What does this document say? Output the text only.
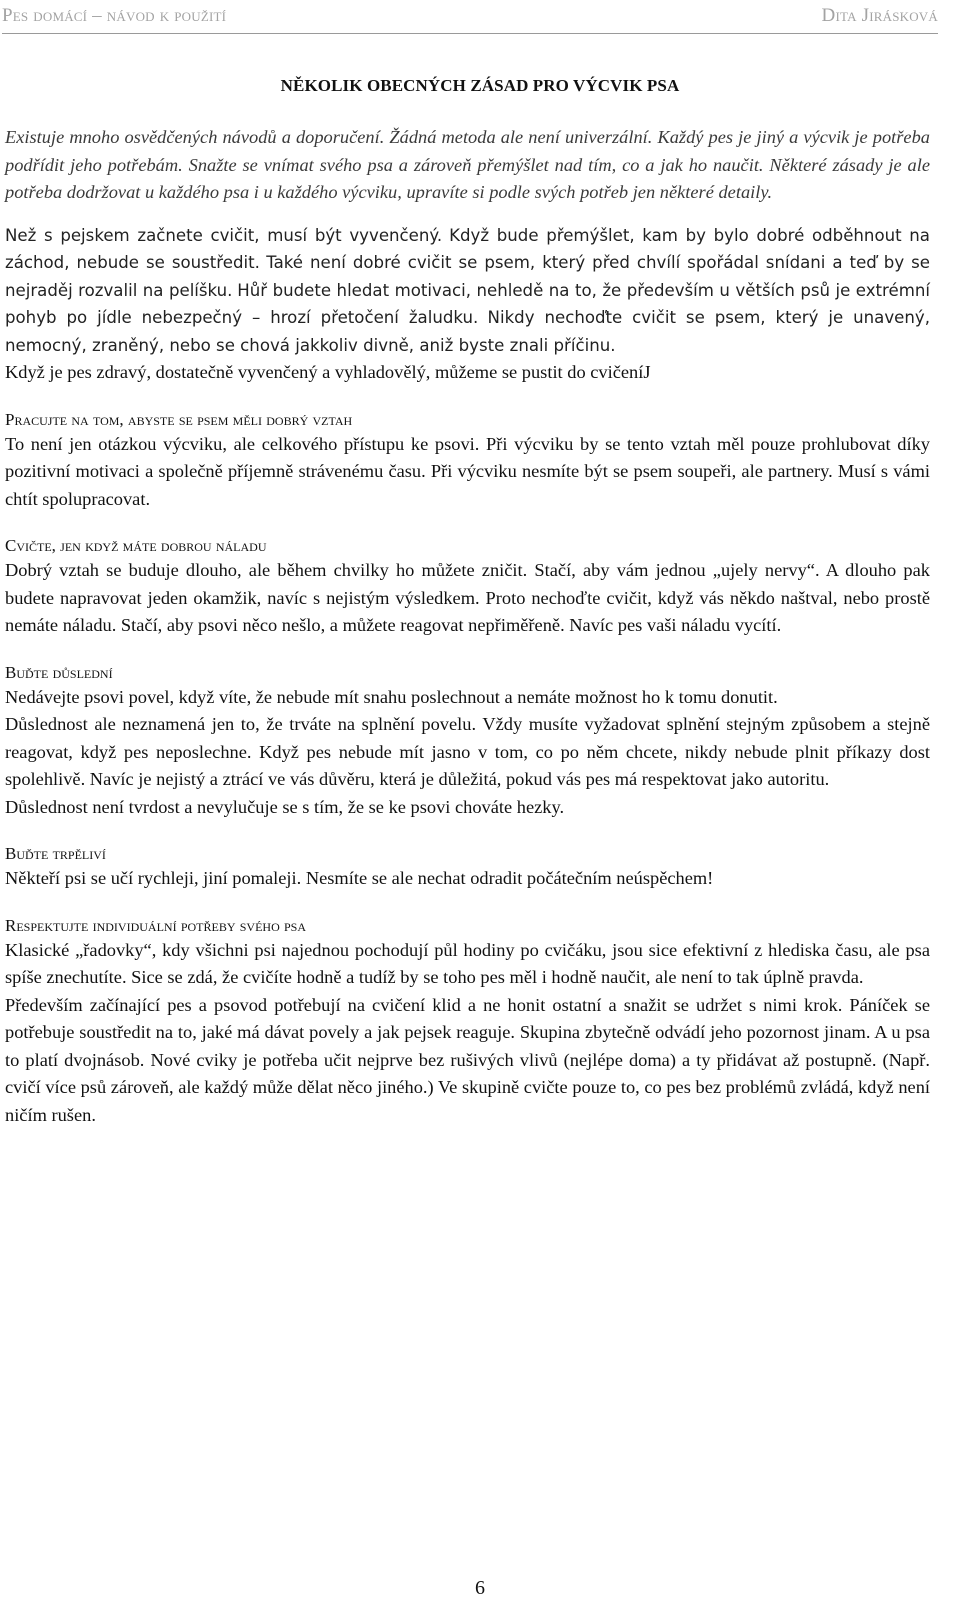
Pes domácí – návod k použití	Dita Jirásková
NĚKOLIK OBECNÝCH ZÁSAD PRO VÝCVIK PSA

Existuje mnoho osvědčených návodů a doporučení. Žádná metoda ale není univerzální. Každý pes je jiný a výcvik je potřeba podřídit jeho potřebám. Snažte se vnímat svého psa a zároveň přemýšlet nad tím, co a jak ho naučit. Některé zásady je ale potřeba dodržovat u každého psa i u každého výcviku, upravíte si podle svých potřeb jen některé detaily.

Než s pejskem začnete cvičit, musí být vyvenčený. Když bude přemýšlet, kam by bylo dobré odběhnout na záchod, nebude se soustředit. Také není dobré cvičit se psem, který před chvílí spořádal snídani a teď by se nejraděj rozvalil na pelíšku. Hůř budete hledat motivaci, nehledě na to, že především u větších psů je extrémní pohyb po jídle nebezpečný – hrozí přetočení žaludku. Nikdy nechoďte cvičit se psem, který je unavený, nemocný, zraněný, nebo se chová jakkoliv divně, aniž byste znali příčinu.

Když je pes zdravý, dostatečně vyvenčený a vyhladovělý, můžeme se pustit do cvičeníJ

Pracujte na tom, abyste se psem měli dobrý vztah

To není jen otázkou výcviku, ale celkového přístupu ke psovi. Při výcviku by se tento vztah měl pouze prohlubovat díky pozitivní motivaci a společně příjemně strávenému času. Při výcviku nesmíte být se psem soupeři, ale partnery. Musí s vámi chtít spolupracovat.

Cvičte, jen když máte dobrou náladu

Dobrý vztah se buduje dlouho, ale během chvilky ho můžete zničit. Stačí, aby vám jednou „ujely nervy“. A dlouho pak budete napravovat jeden okamžik, navíc s nejistým výsledkem. Proto nechoďte cvičit, když vás někdo naštval, nebo prostě nemáte náladu. Stačí, aby psovi něco nešlo, a můžete reagovat nepřiměřeně. Navíc pes vaši náladu vycítí.

Buďte důslední

Nedávejte psovi povel, když víte, že nebude mít snahu poslechnout a nemáte možnost ho k tomu donutit.

Důslednost ale neznamená jen to, že trváte na splnění povelu. Vždy musíte vyžadovat splnění stejným způsobem a stejně reagovat, když pes neposlechne. Když pes nebude mít jasno v tom, co po něm chcete, nikdy nebude plnit příkazy dost spolehlivě. Navíc je nejistý a ztrácí ve vás důvěru, která je důležitá, pokud vás pes má respektovat jako autoritu.

Důslednost není tvrdost a nevylučuje se s tím, že se ke psovi chováte hezky.

Buďte trpěliví

Někteří psi se učí rychleji, jiní pomaleji. Nesmíte se ale nechat odradit počátečním neúspěchem!

Respektujte individuální potřeby svého psa

Klasické „řadovky“, kdy všichni psi najednou pochodují půl hodiny po cvičáku, jsou sice efektivní z hlediska času, ale psa spíše znechutíte. Sice se zdá, že cvičíte hodně a tudíž by se toho pes měl i hodně naučit, ale není to tak úplně pravda.

Především začínající pes a psovod potřebují na cvičení klid a ne honit ostatní a snažit se udržet s nimi krok. Páníček se potřebuje soustředit na to, jaké má dávat povely a jak pejsek reaguje. Skupina zbytečně odvádí jeho pozornost jinam. A u psa to platí dvojnásob. Nové cviky je potřeba učit nejprve bez rušivých vlivů (nejlépe doma) a ty přidávat až postupně. (Např. cvičí více psů zároveň, ale každý může dělat něco jiného.) Ve skupině cvičte pouze to, co pes bez problémů zvládá, když není ničím rušen.

6
